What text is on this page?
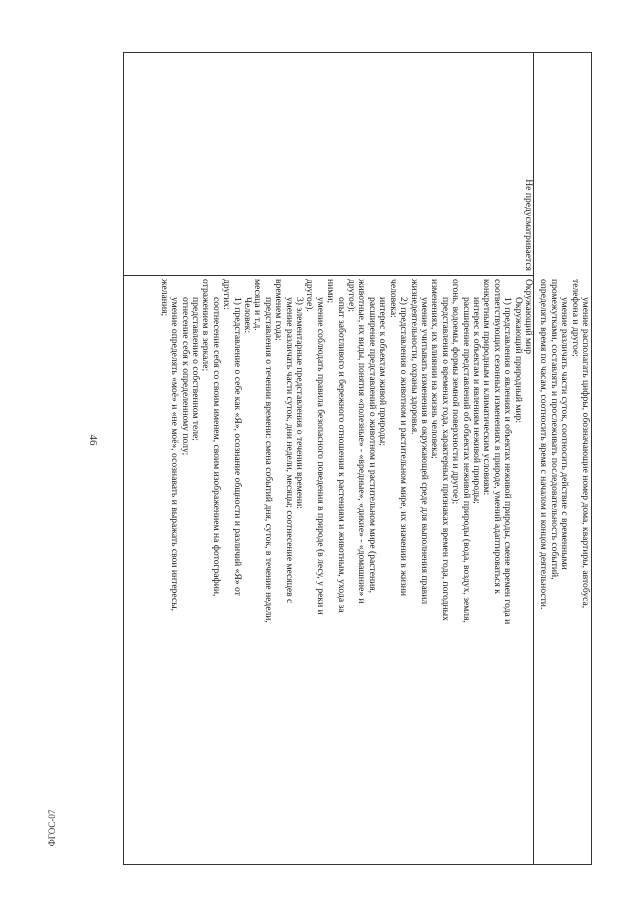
46
ФГОС-07

умение располагать цифры, обозначающие номер дома, квартиры, автобуса,

телефона и другое;

умение различать части суток, соотносить действие с временными

промежутками, составлять и прослеживать последовательность событий,

определять время по часам, соотносить время с началом и концом деятельности.

Не предусматривается

Окружающий мир

Окружающий природный мир:

1) представления о явлениях и объектах неживой природы, смене времен года и

соответствующих сезонных изменениях в природе, умений адаптироваться к

конкретным природным и климатическим условиям:

интерес к объектам и явлениям неживой природы;

расширение представлений об объектах неживой природы (вода, воздух, земля,

огонь, водоемы, формы земной поверхности и другое);

представления о временах года, характерных признаках времен года, погодных

изменениях, их влиянии на жизнь человека;

умение учитывать изменения в окружающей среде для выполнения правил

жизнедеятельности, охраны здоровья.

2) представления о животном и растительном мире, их значении в жизни

человека:

интерес к объектам живой природы;

расширение представлений о животном и растительном мире (растения,

животные, их виды, понятия «полезные» - «вредные», «дикие» - «домашние» и

другое);

опыт заботливого и бережного отношения к растениям и животным, ухода за

ними;

умение соблюдать правила безопасного поведения в природе (в лесу, у реки и

другое).

3) элементарные представления о течении времени:

умение различать части суток, дни недели, месяцы; соотнесение месяцев с

временем года;

представления о течении времени: смена событий дня, суток, в течение недели,

месяца и т.д.

Человек:

1) представление о себе как «Я», осознание общности и различий «Я» от

других:

соотнесение себя со своим именем, своим изображением на фотографии,

отражением в зеркале;

представление о собственном теле;

отнесение себя к определенному полу;

умение определять «моё» и «не моё», осознавать и выражать свои интересы,

желания;
